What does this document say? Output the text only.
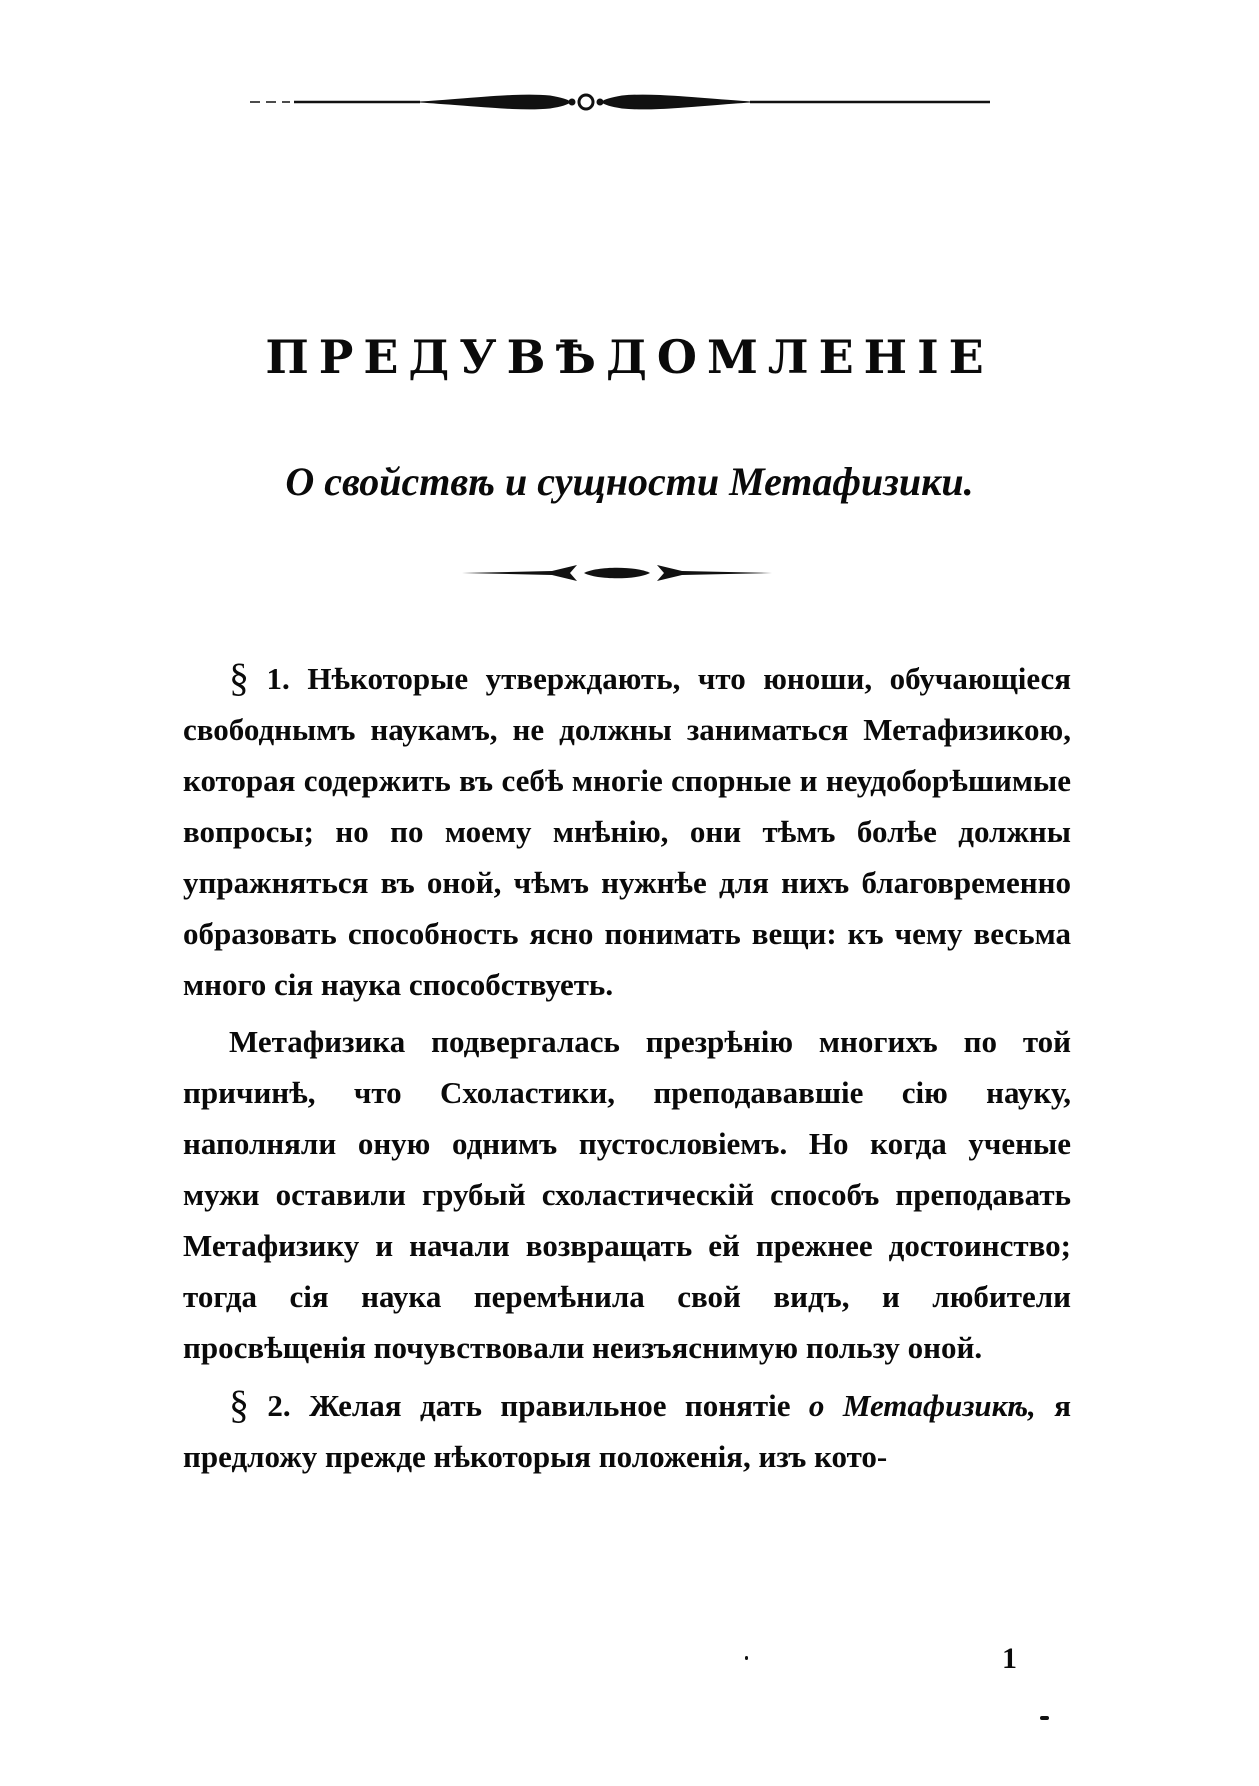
ПРЕДУВѢДОМЛЕНІЕ
О свойствѣ и сущности Метафизики.

§ 1. Нѣкоторые утверждають, что юноши, обучающіеся свободнымъ наукамъ, не должны заниматься Метафизикою, которая содержить въ себѣ многіе спорные и неудоборѣшимые вопросы; но по моему мнѣнію, они тѣмъ болѣе должны упражняться въ оной, чѣмъ нужнѣе для нихъ благовременно образовать способность ясно понимать вещи: къ чему весьма много сія наука способствуеть.

Метафизика подвергалась презрѣнію многихъ по той причинѣ, что Схоластики, преподававшіе сію науку, наполняли оную однимъ пустословіемъ. Но когда ученые мужи оставили грубый схоластическій способъ преподавать Метафизику и начали возвращать ей прежнее достоинство; тогда сія наука перемѣнила свой видъ, и любители просвѣщенія почувствовали неизъяснимую пользу оной.

§ 2. Желая дать правильное понятіе о Метафизикѣ, я предложу прежде нѣкоторыя положенія, изъ кото-

1
